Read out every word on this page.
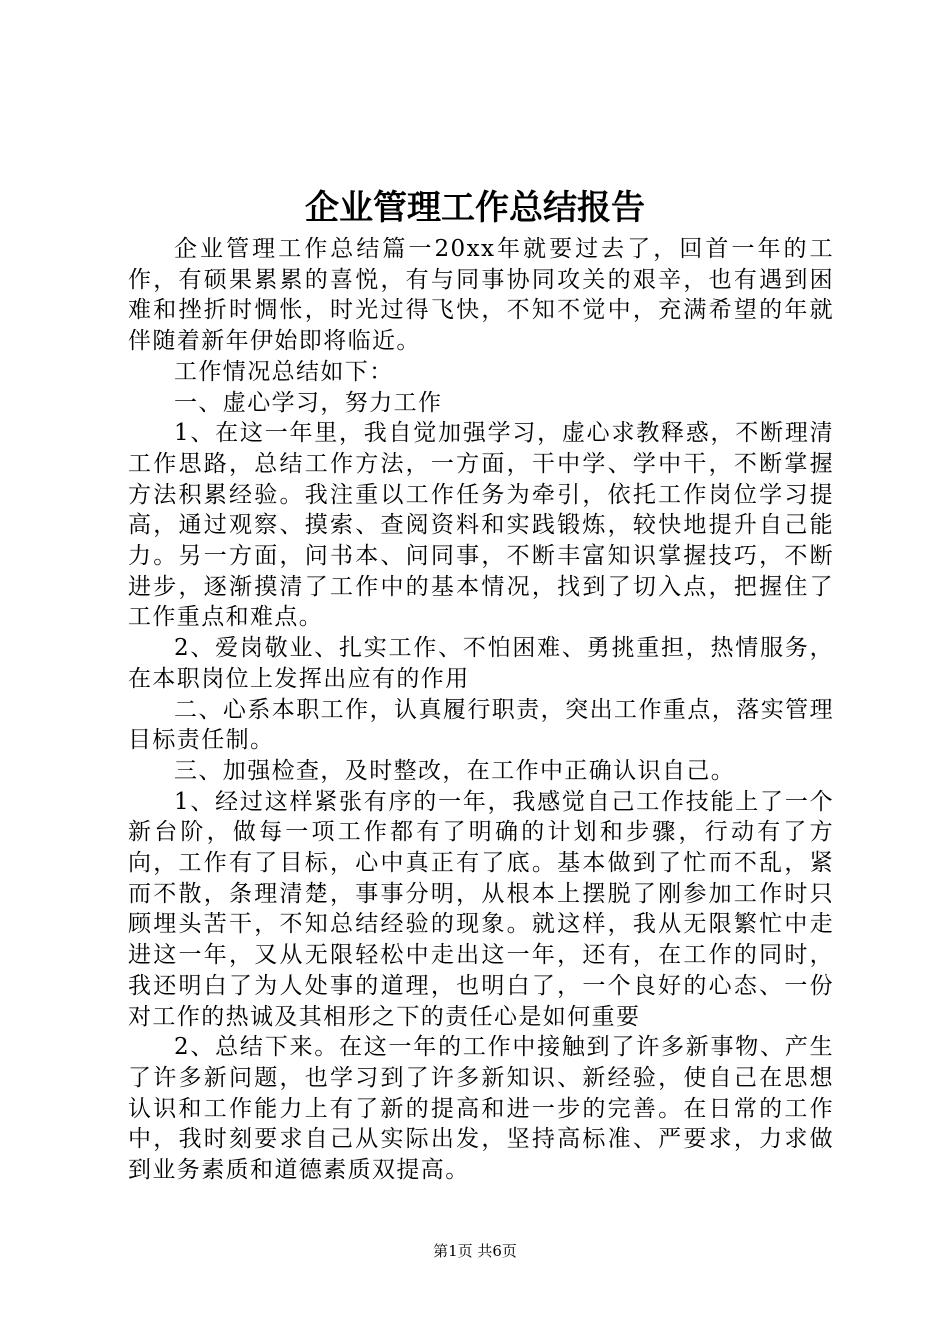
企业管理工作总结报告

企业管理工作总结篇一20xx年就要过去了，回首一年的工作，有硕果累累的喜悦，有与同事协同攻关的艰辛，也有遇到困难和挫折时惆怅，时光过得飞快，不知不觉中，充满希望的年就伴随着新年伊始即将临近。

工作情况总结如下：

一、虚心学习，努力工作

1、在这一年里，我自觉加强学习，虚心求教释惑，不断理清工作思路，总结工作方法，一方面，干中学、学中干，不断掌握方法积累经验。我注重以工作任务为牵引，依托工作岗位学习提高，通过观察、摸索、查阅资料和实践锻炼，较快地提升自己能力。另一方面，问书本、问同事，不断丰富知识掌握技巧，不断进步，逐渐摸清了工作中的基本情况，找到了切入点，把握住了工作重点和难点。

2、爱岗敬业、扎实工作、不怕困难、勇挑重担，热情服务，在本职岗位上发挥出应有的作用

二、心系本职工作，认真履行职责，突出工作重点，落实管理目标责任制。

三、加强检查，及时整改，在工作中正确认识自己。

1、经过这样紧张有序的一年，我感觉自己工作技能上了一个新台阶，做每一项工作都有了明确的计划和步骤，行动有了方向，工作有了目标，心中真正有了底。基本做到了忙而不乱，紧而不散，条理清楚，事事分明，从根本上摆脱了刚参加工作时只顾埋头苦干，不知总结经验的现象。就这样，我从无限繁忙中走进这一年，又从无限轻松中走出这一年，还有，在工作的同时，我还明白了为人处事的道理，也明白了，一个良好的心态、一份对工作的热诚及其相形之下的责任心是如何重要

2、总结下来。在这一年的工作中接触到了许多新事物、产生了许多新问题，也学习到了许多新知识、新经验，使自己在思想认识和工作能力上有了新的提高和进一步的完善。在日常的工作中，我时刻要求自己从实际出发，坚持高标准、严要求，力求做到业务素质和道德素质双提高。

第1页 共6页
